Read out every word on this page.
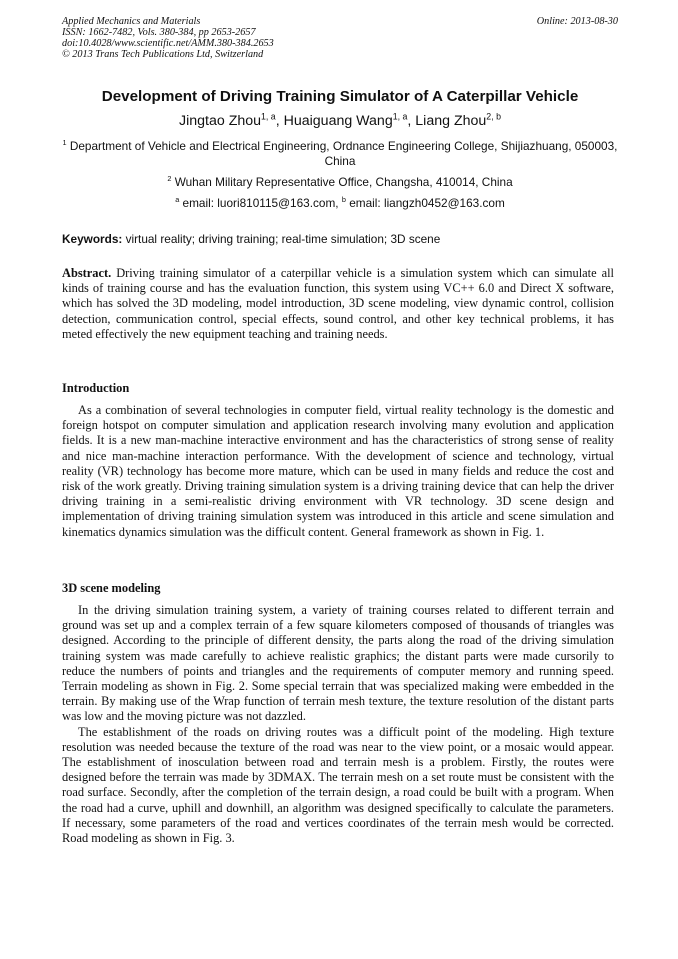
Applied Mechanics and Materials
ISSN: 1662-7482, Vols. 380-384, pp 2653-2657
doi:10.4028/www.scientific.net/AMM.380-384.2653
© 2013 Trans Tech Publications Ltd, Switzerland
Online: 2013-08-30
Development of Driving Training Simulator of A Caterpillar Vehicle
Jingtao Zhou$^{1, a}$, Huaiguang Wang$^{1, a}$, Liang Zhou$^{2, b}$
$^1$ Department of Vehicle and Electrical Engineering, Ordnance Engineering College, Shijiazhuang, 050003, China
$^2$ Wuhan Military Representative Office, Changsha, 410014, China
$^a$ email: luori810115@163.com, $^b$ email: liangzh0452@163.com
Keywords: virtual reality; driving training; real-time simulation; 3D scene

Abstract. Driving training simulator of a caterpillar vehicle is a simulation system which can simulate all kinds of training course and has the evaluation function, this system using VC++ 6.0 and Direct X software, which has solved the 3D modeling, model introduction, 3D scene modeling, view dynamic control, collision detection, communication control, special effects, sound control, and other key technical problems, it has meted effectively the new equipment teaching and training needs.

Introduction

As a combination of several technologies in computer field, virtual reality technology is the domestic and foreign hotspot on computer simulation and application research involving many evolution and application fields. It is a new man-machine interactive environment and has the characteristics of strong sense of reality and nice man-machine interaction performance. With the development of science and technology, virtual reality (VR) technology has become more mature, which can be used in many fields and reduce the cost and risk of the work greatly. Driving training simulation system is a driving training device that can help the driver driving training in a semi-realistic driving environment with VR technology. 3D scene design and implementation of driving training simulation system was introduced in this article and scene simulation and kinematics dynamics simulation was the difficult content. General framework as shown in Fig. 1.

3D scene modeling

In the driving simulation training system, a variety of training courses related to different terrain and ground was set up and a complex terrain of a few square kilometers composed of thousands of triangles was designed. According to the principle of different density, the parts along the road of the driving simulation training system was made carefully to achieve realistic graphics; the distant parts were made cursorily to reduce the numbers of points and triangles and the requirements of computer memory and running speed. Terrain modeling as shown in Fig. 2. Some special terrain that was specialized making were embedded in the terrain. By making use of the Wrap function of terrain mesh texture, the texture resolution of the distant parts was low and the moving picture was not dazzled.

The establishment of the roads on driving routes was a difficult point of the modeling. High texture resolution was needed because the texture of the road was near to the view point, or a mosaic would appear. The establishment of inosculation between road and terrain mesh is a problem. Firstly, the routes were designed before the terrain was made by 3DMAX. The terrain mesh on a set route must be consistent with the road surface. Secondly, after the completion of the terrain design, a road could be built with a program. When the road had a curve, uphill and downhill, an algorithm was designed specifically to calculate the parameters. If necessary, some parameters of the road and vertices coordinates of the terrain mesh would be corrected. Road modeling as shown in Fig. 3.
